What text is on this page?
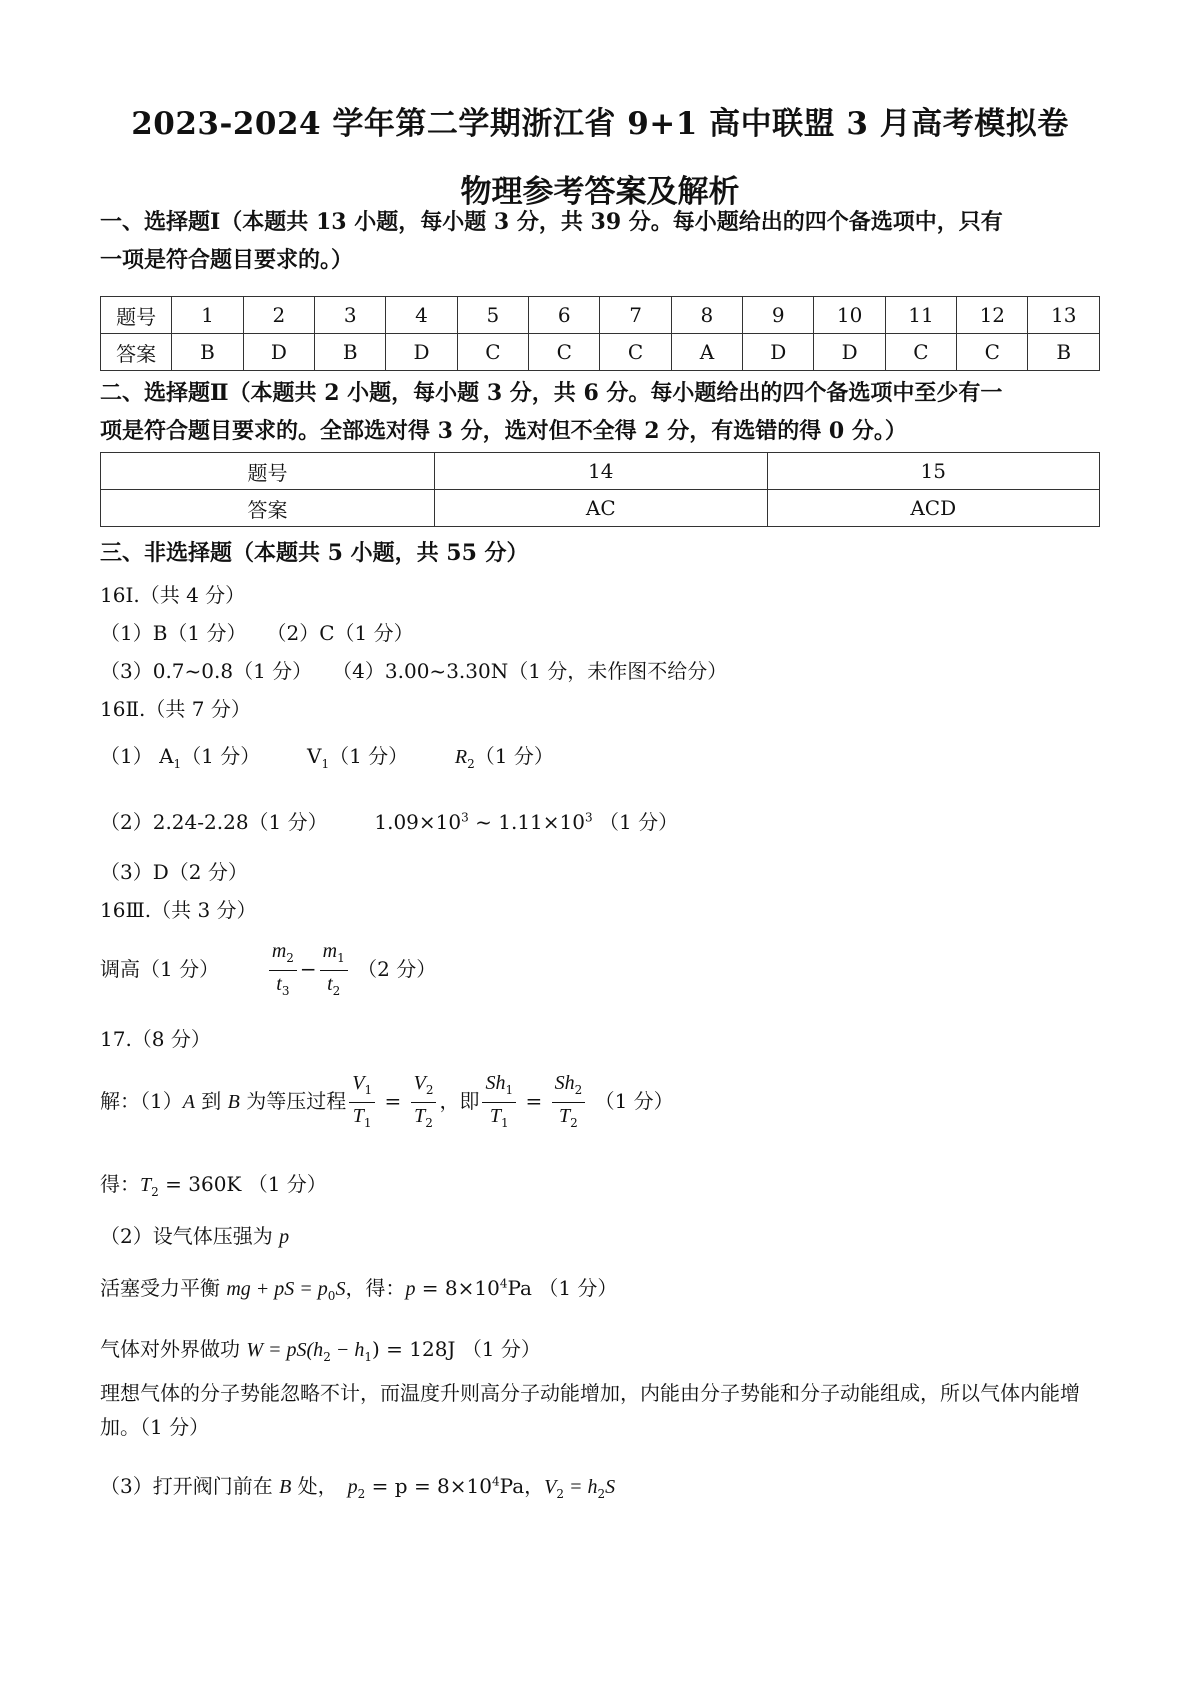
2023-2024 学年第二学期浙江省 9+1 高中联盟 3 月高考模拟卷
物理参考答案及解析
一、选择题Ⅰ（本题共 13 小题，每小题 3 分，共 39 分。每小题给出的四个备选项中，只有
一项是符合题目要求的。）
题号	1	2	3	4	5	6	7	8	9	10	11	12	13
答案	B	D	B	D	C	C	C	A	D	D	C	C	B
二、选择题Ⅱ（本题共 2 小题，每小题 3 分，共 6 分。每小题给出的四个备选项中至少有一
项是符合题目要求的。全部选对得 3 分，选对但不全得 2 分，有选错的得 0 分。）
题号	14	15
答案	AC	ACD
三、非选择题（本题共 5 小题，共 55 分）
16Ⅰ.（共 4 分）
（1）B（1 分）　　（2）C（1 分）
（3）0.7~0.8（1 分）　　（4）3.00~3.30N（1 分，未作图不给分）
16Ⅱ.（共 7 分）
（1） $A_1(1$ 分） $V_1(1$ 分） $R_2(1$ 分）
（2）2.24-2.28（1 分） $1.09\times 10^3$ ~ $1.11\times 10^3$ （1 分）
（3）D（2 分）
16Ⅲ.（共 3 分）
调高（1 分） $\frac{m_2}{t_3} - \frac{m_1}{t_2} (2$ 分）
17.（8 分）
解：（1）A 到 B 为等压过程 $\frac{V_1}{T_1} = \frac{V_2}{T_2}$ ，即 $\frac{Sh_1}{T_1} = \frac{Sh_2}{T_2} (1$ 分）
得：$T_2 = 360K$ （1 分）
（2）设气体压强为 p
活塞受力平衡 mg + pS = $p_0S$，得：$p = 8\times 10^4Pa$ （1 分）
气体对外界做功 $W = pS(h_2 - h_1) = 128J$ （1 分）
理想气体的分子势能忽略不计，而温度升则高分子动能增加，内能由分子势能和分子动能组成，所以气体内能增加。（1 分）
（3）打开阀门前在 B 处， $p_2 = p = 8\times 10^4Pa$，$V_2 = h_2S$
